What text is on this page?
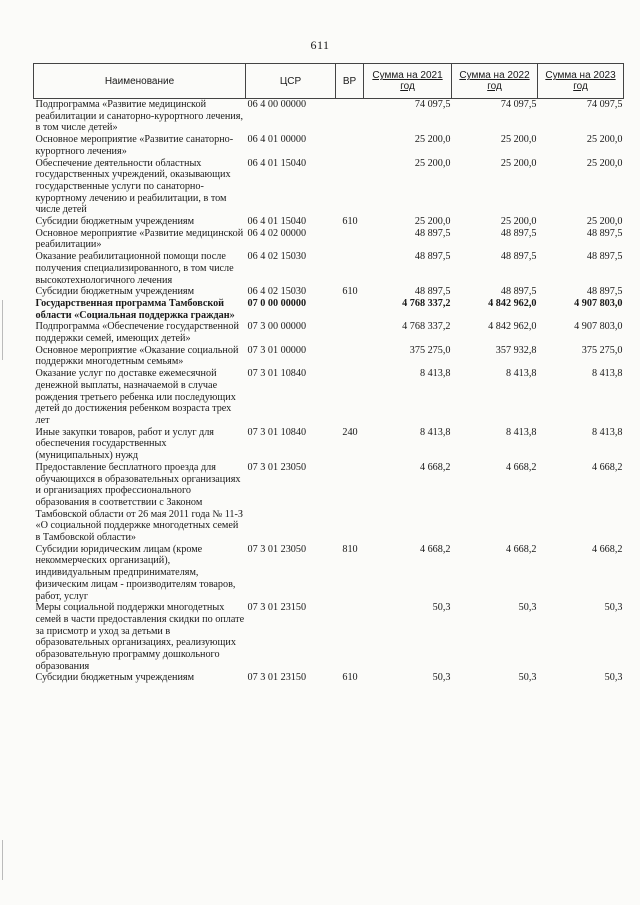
611
Наименование	ЦСР	ВР	Сумма на 2021 год	Сумма на 2022 год	Сумма на 2023 год
Подпрограмма «Развитие медицинской реабилитации и санаторно-курортного лечения, в том числе детей»	06 4 00 00000		74 097,5	74 097,5	74 097,5
Основное мероприятие «Развитие санаторно-курортного лечения»	06 4 01 00000		25 200,0	25 200,0	25 200,0
Обеспечение деятельности областных государственных учреждений, оказывающих государственные услуги по санаторно-курортному лечению и реабилитации, в том числе детей	06 4 01 15040		25 200,0	25 200,0	25 200,0
Субсидии бюджетным учреждениям	06 4 01 15040	610	25 200,0	25 200,0	25 200,0
Основное мероприятие «Развитие медицинской реабилитации»	06 4 02 00000		48 897,5	48 897,5	48 897,5
Оказание реабилитационной помощи после получения специализированного, в том числе высокотехнологичного лечения	06 4 02 15030		48 897,5	48 897,5	48 897,5
Субсидии бюджетным учреждениям	06 4 02 15030	610	48 897,5	48 897,5	48 897,5
Государственная программа Тамбовской области «Социальная поддержка граждан»	07 0 00 00000		4 768 337,2	4 842 962,0	4 907 803,0
Подпрограмма «Обеспечение государственной поддержки семей, имеющих детей»	07 3 00 00000		4 768 337,2	4 842 962,0	4 907 803,0
Основное мероприятие «Оказание социальной поддержки многодетным семьям»	07 3 01 00000		375 275,0	357 932,8	375 275,0
Оказание услуг по доставке ежемесячной денежной выплаты, назначаемой в случае рождения третьего ребенка или последующих детей до достижения ребенком возраста трех лет	07 3 01 10840		8 413,8	8 413,8	8 413,8
Иные закупки товаров, работ и услуг для обеспечения государственных (муниципальных) нужд	07 3 01 10840	240	8 413,8	8 413,8	8 413,8
Предоставление бесплатного проезда для обучающихся в образовательных организациях и организациях профессионального образования в соответствии с Законом Тамбовской области от 26 мая 2011 года № 11-З «О социальной поддержке многодетных семей в Тамбовской области»	07 3 01 23050		4 668,2	4 668,2	4 668,2
Субсидии юридическим лицам (кроме некоммерческих организаций), индивидуальным предпринимателям, физическим лицам - производителям товаров, работ, услуг	07 3 01 23050	810	4 668,2	4 668,2	4 668,2
Меры социальной поддержки многодетных семей в части предоставления скидки по оплате за присмотр и уход за детьми в образовательных организациях, реализующих образовательную программу дошкольного образования	07 3 01 23150		50,3	50,3	50,3
Субсидии бюджетным учреждениям	07 3 01 23150	610	50,3	50,3	50,3
